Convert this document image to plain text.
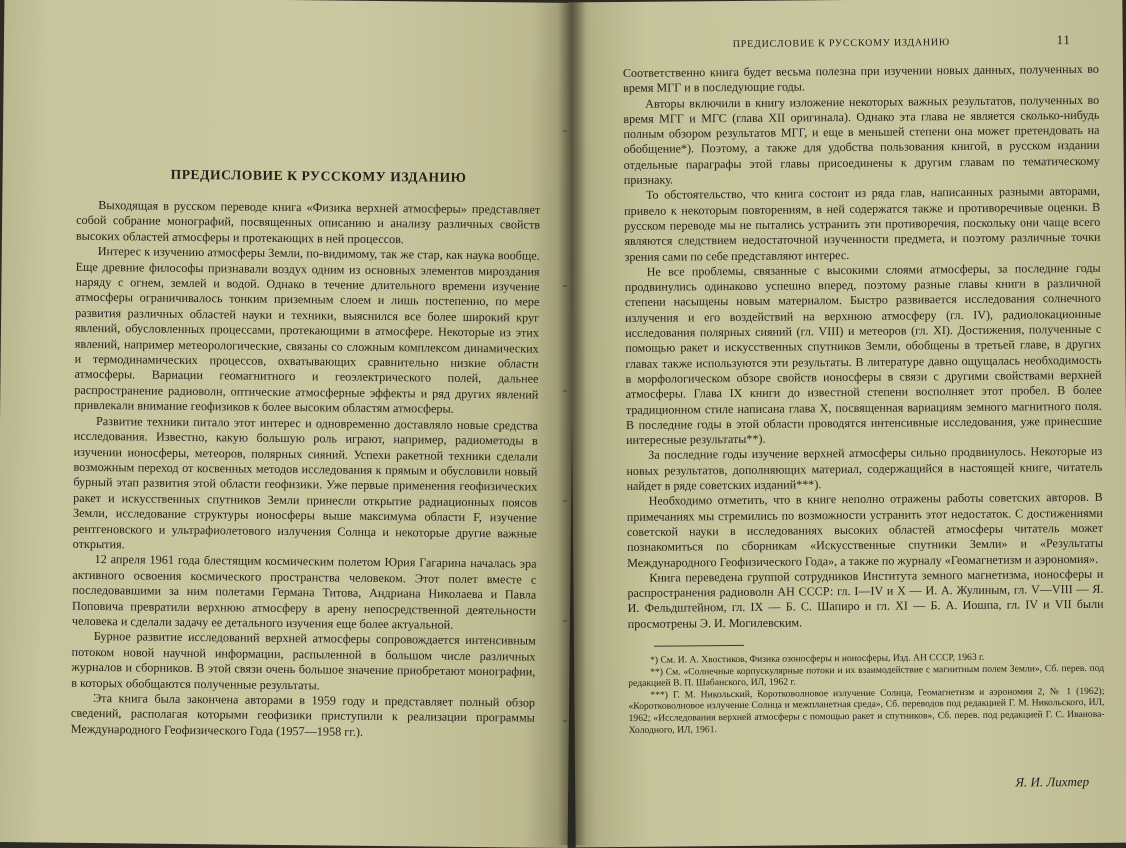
ПРЕДИСЛОВИЕ К РУССКОМУ ИЗДАНИЮ

Выходящая в русском переводе книга «Физика верхней атмосферы» представляет собой собрание монографий, посвященных описанию и анализу различных свойств высоких областей атмосферы и протекающих в ней процессов.

Интерес к изучению атмосферы Земли, по-видимому, так же стар, как наука вообще. Еще древние философы признавали воздух одним из основных элементов мироздания наряду с огнем, землей и водой. Однако в течение длительного времени изучение атмосферы ограничивалось тонким приземным слоем и лишь постепенно, по мере развития различных областей науки и техники, выяснился все более широкий круг явлений, обусловленных процессами, протекающими в атмосфере. Некоторые из этих явлений, например метеорологические, связаны со сложным комплексом динамических и термодинамических процессов, охватывающих сравнительно низкие области атмосферы. Вариации геомагнитного и геоэлектрического полей, дальнее распространение радиоволн, оптические атмосферные эффекты и ряд других явлений привлекали внимание геофизиков к более высоким областям атмосферы.

Развитие техники питало этот интерес и одновременно доставляло новые средства исследования. Известно, какую большую роль играют, например, радиометоды в изучении ионосферы, метеоров, полярных сияний. Успехи ракетной техники сделали возможным переход от косвенных методов исследования к прямым и обусловили новый бурный этап развития этой области геофизики. Уже первые применения геофизических ракет и искусственных спутников Земли принесли открытие радиационных поясов Земли, исследование структуры ионосферы выше максимума области F, изучение рентгеновского и ультрафиолетового излучения Солнца и некоторые другие важные открытия.

12 апреля 1961 года блестящим космическим полетом Юрия Гагарина началась эра активного освоения космического пространства человеком. Этот полет вместе с последовавшими за ним полетами Германа Титова, Андриана Николаева и Павла Поповича превратили верхнюю атмосферу в арену непосредственной деятельности человека и сделали задачу ее детального изучения еще более актуальной.

Бурное развитие исследований верхней атмосферы сопровождается интенсивным потоком новой научной информации, распыленной в большом числе различных журналов и сборников. В этой связи очень большое значение приобретают монографии, в которых обобщаются полученные результаты.

Эта книга была закончена авторами в 1959 году и представляет полный обзор сведений, располагая которыми геофизики приступили к реализации программы Международного Геофизического Года (1957—1958 гг.).

ПРЕДИСЛОВИЕ К РУССКОМУ ИЗДАНИЮ	11

Соответственно книга будет весьма полезна при изучении новых данных, полученных во время МГГ и в последующие годы.

Авторы включили в книгу изложение некоторых важных результатов, полученных во время МГГ и МГС (глава XII оригинала). Однако эта глава не является сколько-нибудь полным обзором результатов МГГ, и еще в меньшей степени она может претендовать на обобщение*). Поэтому, а также для удобства пользования книгой, в русском издании отдельные параграфы этой главы присоединены к другим главам по тематическому признаку.

То обстоятельство, что книга состоит из ряда глав, написанных разными авторами, привело к некоторым повторениям, в ней содержатся также и противоречивые оценки. В русском переводе мы не пытались устранить эти противоречия, поскольку они чаще всего являются следствием недостаточной изученности предмета, и поэтому различные точки зрения сами по себе представляют интерес.

Не все проблемы, связанные с высокими слоями атмосферы, за последние годы продвинулись одинаково успешно вперед, поэтому разные главы книги в различной степени насыщены новым материалом. Быстро развивается исследования солнечного излучения и его воздействий на верхнюю атмосферу (гл. IV), радиолокационные исследования полярных сияний (гл. VIII) и метеоров (гл. XI). Достижения, полученные с помощью ракет и искусственных спутников Земли, обобщены в третьей главе, в других главах также используются эти результаты. В литературе давно ощущалась необходимость в морфологическом обзоре свойств ионосферы в связи с другими свойствами верхней атмосферы. Глава IX книги до известной степени восполняет этот пробел. В более традиционном стиле написана глава X, посвященная вариациям земного магнитного поля. В последние годы в этой области проводятся интенсивные исследования, уже принесшие интересные результаты**).

За последние годы изучение верхней атмосферы сильно продвинулось. Некоторые из новых результатов, дополняющих материал, содержащийся в настоящей книге, читатель найдет в ряде советских изданий***).

Необходимо отметить, что в книге неполно отражены работы советских авторов. В примечаниях мы стремились по возможности устранить этот недостаток. С достижениями советской науки в исследованиях высоких областей атмосферы читатель может познакомиться по сборникам «Искусственные спутники Земли» и «Результаты Международного Геофизического Года», а также по журналу «Геомагнетизм и аэрономия».

Книга переведена группой сотрудников Института земного магнетизма, ионосферы и распространения радиоволн АН СССР: гл. I—IV и X — И. А. Жулиным, гл. V—VIII — Я. И. Фельдштейном, гл. IX — Б. С. Шапиро и гл. XI — Б. А. Иошпа, гл. IV и VII были просмотрены Э. И. Могилевским.

*) См. И. А. Хвостиков, Физика озоносферы и ионосферы, Изд. АН СССР, 1963 г.

**) См. «Солнечные корпускулярные потоки и их взаимодействие с магнитным полем Земли», Сб. перев. под редакцией В. П. Шабанского, ИЛ, 1962 г.

***) Г. М. Никольский, Коротковолновое излучение Солнца, Геомагнетизм и аэрономия 2, № 1 (1962); «Коротковолновое излучение Солнца и межпланетная среда», Сб. переводов под редакцией Г. М. Никольского, ИЛ, 1962; «Исследования верхней атмосферы с помощью ракет и спутников», Сб. перев. под редакцией Г. С. Иванова-Холодного, ИЛ, 1961.

Я. И. Лихтер
